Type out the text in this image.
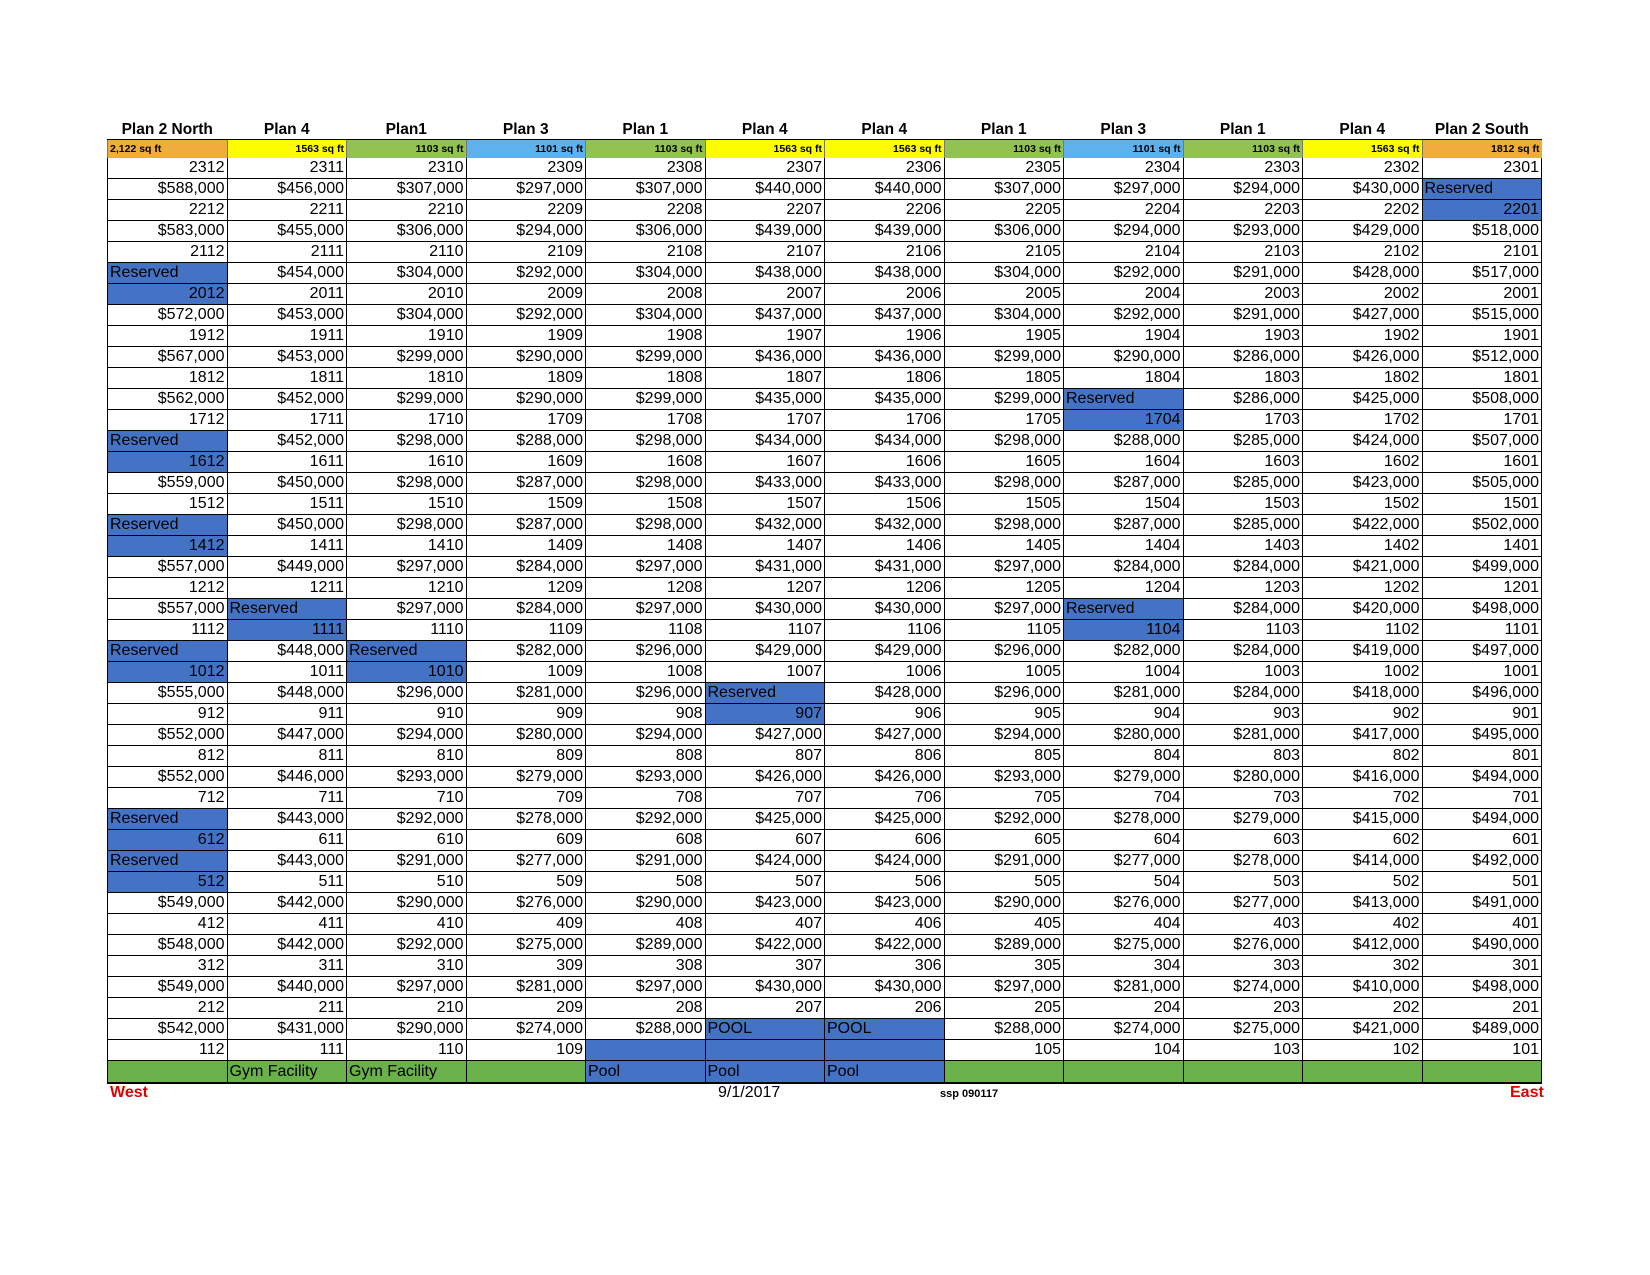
Plan 2 North	Plan 4	Plan1	Plan 3	Plan 1	Plan 4	Plan 4	Plan 1	Plan 3	Plan 1	Plan 4	Plan 2 South
2,122 sq ft	1563 sq ft	1103 sq ft	1101 sq ft	1103 sq ft	1563 sq ft	1563 sq ft	1103 sq ft	1101 sq ft	1103 sq ft	1563 sq ft	1812 sq ft
2312	2311	2310	2309	2308	2307	2306	2305	2304	2303	2302	2301
$588,000	$456,000	$307,000	$297,000	$307,000	$440,000	$440,000	$307,000	$297,000	$294,000	$430,000	Reserved
2212	2211	2210	2209	2208	2207	2206	2205	2204	2203	2202	2201
$583,000	$455,000	$306,000	$294,000	$306,000	$439,000	$439,000	$306,000	$294,000	$293,000	$429,000	$518,000
2112	2111	2110	2109	2108	2107	2106	2105	2104	2103	2102	2101
Reserved	$454,000	$304,000	$292,000	$304,000	$438,000	$438,000	$304,000	$292,000	$291,000	$428,000	$517,000
2012	2011	2010	2009	2008	2007	2006	2005	2004	2003	2002	2001
$572,000	$453,000	$304,000	$292,000	$304,000	$437,000	$437,000	$304,000	$292,000	$291,000	$427,000	$515,000
1912	1911	1910	1909	1908	1907	1906	1905	1904	1903	1902	1901
$567,000	$453,000	$299,000	$290,000	$299,000	$436,000	$436,000	$299,000	$290,000	$286,000	$426,000	$512,000
1812	1811	1810	1809	1808	1807	1806	1805	1804	1803	1802	1801
$562,000	$452,000	$299,000	$290,000	$299,000	$435,000	$435,000	$299,000	Reserved	$286,000	$425,000	$508,000
1712	1711	1710	1709	1708	1707	1706	1705	1704	1703	1702	1701
Reserved	$452,000	$298,000	$288,000	$298,000	$434,000	$434,000	$298,000	$288,000	$285,000	$424,000	$507,000
1612	1611	1610	1609	1608	1607	1606	1605	1604	1603	1602	1601
$559,000	$450,000	$298,000	$287,000	$298,000	$433,000	$433,000	$298,000	$287,000	$285,000	$423,000	$505,000
1512	1511	1510	1509	1508	1507	1506	1505	1504	1503	1502	1501
Reserved	$450,000	$298,000	$287,000	$298,000	$432,000	$432,000	$298,000	$287,000	$285,000	$422,000	$502,000
1412	1411	1410	1409	1408	1407	1406	1405	1404	1403	1402	1401
$557,000	$449,000	$297,000	$284,000	$297,000	$431,000	$431,000	$297,000	$284,000	$284,000	$421,000	$499,000
1212	1211	1210	1209	1208	1207	1206	1205	1204	1203	1202	1201
$557,000	Reserved	$297,000	$284,000	$297,000	$430,000	$430,000	$297,000	Reserved	$284,000	$420,000	$498,000
1112	1111	1110	1109	1108	1107	1106	1105	1104	1103	1102	1101
Reserved	$448,000	Reserved	$282,000	$296,000	$429,000	$429,000	$296,000	$282,000	$284,000	$419,000	$497,000
1012	1011	1010	1009	1008	1007	1006	1005	1004	1003	1002	1001
$555,000	$448,000	$296,000	$281,000	$296,000	Reserved	$428,000	$296,000	$281,000	$284,000	$418,000	$496,000
912	911	910	909	908	907	906	905	904	903	902	901
$552,000	$447,000	$294,000	$280,000	$294,000	$427,000	$427,000	$294,000	$280,000	$281,000	$417,000	$495,000
812	811	810	809	808	807	806	805	804	803	802	801
$552,000	$446,000	$293,000	$279,000	$293,000	$426,000	$426,000	$293,000	$279,000	$280,000	$416,000	$494,000
712	711	710	709	708	707	706	705	704	703	702	701
Reserved	$443,000	$292,000	$278,000	$292,000	$425,000	$425,000	$292,000	$278,000	$279,000	$415,000	$494,000
612	611	610	609	608	607	606	605	604	603	602	601
Reserved	$443,000	$291,000	$277,000	$291,000	$424,000	$424,000	$291,000	$277,000	$278,000	$414,000	$492,000
512	511	510	509	508	507	506	505	504	503	502	501
$549,000	$442,000	$290,000	$276,000	$290,000	$423,000	$423,000	$290,000	$276,000	$277,000	$413,000	$491,000
412	411	410	409	408	407	406	405	404	403	402	401
$548,000	$442,000	$292,000	$275,000	$289,000	$422,000	$422,000	$289,000	$275,000	$276,000	$412,000	$490,000
312	311	310	309	308	307	306	305	304	303	302	301
$549,000	$440,000	$297,000	$281,000	$297,000	$430,000	$430,000	$297,000	$281,000	$274,000	$410,000	$498,000
212	211	210	209	208	207	206	205	204	203	202	201
$542,000	$431,000	$290,000	$274,000	$288,000	POOL	POOL	$288,000	$274,000	$275,000	$421,000	$489,000
112	111	110	109				105	104	103	102	101
	Gym Facility	Gym Facility		Pool	Pool	Pool					
West	9/1/2017	ssp 090117	East
